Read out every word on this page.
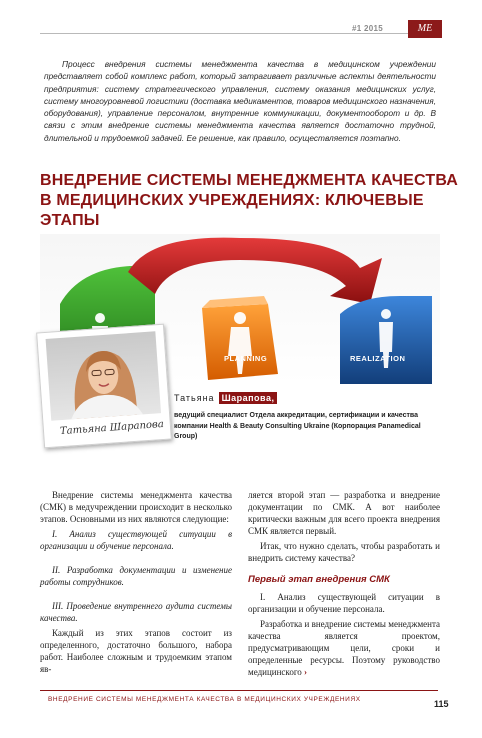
#1 2015	МЕ

Процесс внедрения системы менеджмента качества в медицинском учреждении представляет собой комплекс работ, который затрагивает различные аспекты деятельности предприятия: систему стратегического управления, систему оказания медицинских услуг, систему многоуровневой логистики (доставка медикаментов, товаров медицинского назначения, оборудования), управление персоналом, внутренние коммуникации, документооборот и др. В связи с этим внедрение системы менеджмента качества является достаточно трудной, длительной и трудоемкой задачей. Ее решение, как правило, осуществляется поэтапно.

ВНЕДРЕНИЕ СИСТЕМЫ МЕНЕДЖМЕНТА КАЧЕСТВА В МЕДИЦИНСКИХ УЧРЕЖДЕНИЯХ: КЛЮЧЕВЫЕ ЭТАПЫ
PLANNING	REALIZATION
Татьяна Шарапова
Татьяна Шарапова,

ведущий специалист Отдела аккредитации, сертификации и качества компании Health & Beauty Consulting Ukraine (Корпорация Panamedical Group)

Внедрение системы менеджмента качества (СМК) в медучреждении происходит в несколько этапов. Основными из них являются следующие:

I. Анализ существующей ситуации в организации и обучение персонала.

II. Разработка документации и изменение работы сотрудников.

III. Проведение внутреннего аудита системы качества.

Каждый из этих этапов состоит из определенного, достаточно большого, набора работ. Наиболее сложным и трудоемким этапом яв-

ляется второй этап — разработка и внедрение документации по СМК. А вот наиболее критически важным для всего проекта внедрения СМК является первый.

Итак, что нужно сделать, чтобы разработать и внедрить систему качества?

Первый этап внедрения СМК

I. Анализ существующей ситуации в организации и обучение персонала.

Разработка и внедрение системы менеджмента качества является проектом, предусматривающим цели, сроки и определенные ресурсы. Поэтому руководство медицинского ›

ВНЕДРЕНИЕ СИСТЕМЫ МЕНЕДЖМЕНТА КАЧЕСТВА В МЕДИЦИНСКИХ УЧРЕЖДЕНИЯХ	115
